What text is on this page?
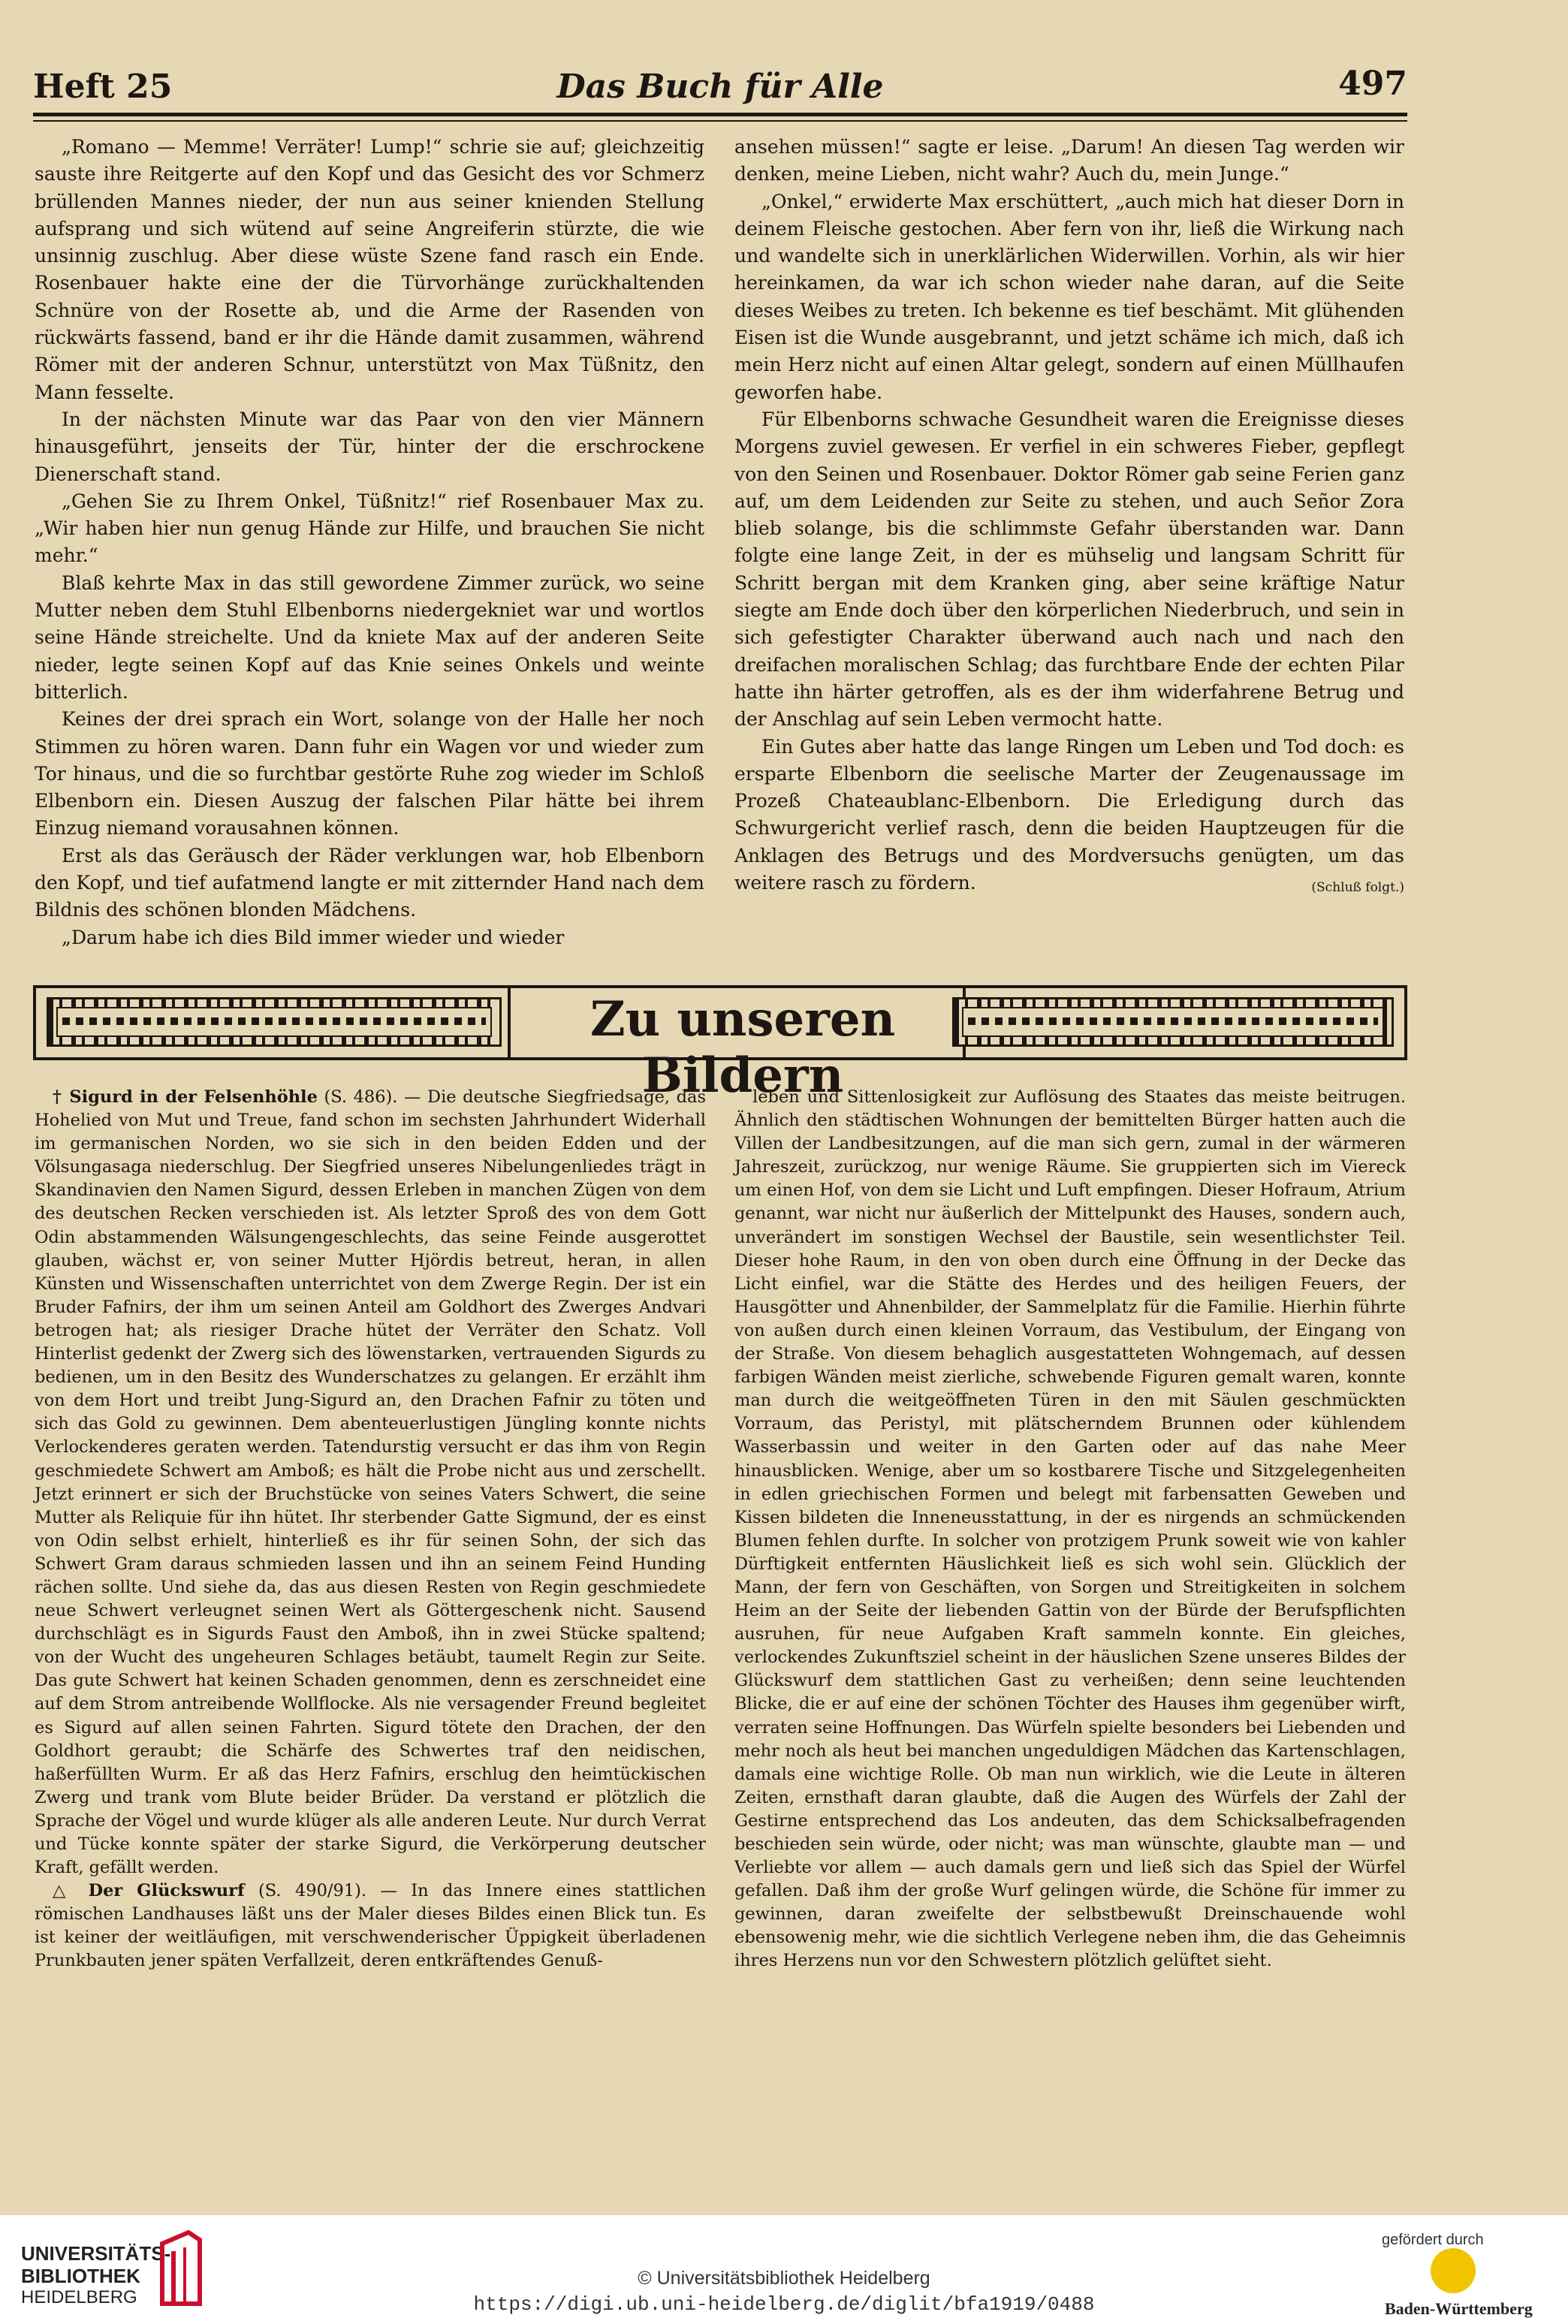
Heft 25	Das Buch für Alle	497

„Romano — Memme! Verräter! Lump!“ schrie sie auf; gleichzeitig sauste ihre Reitgerte auf den Kopf und das Gesicht des vor Schmerz brüllenden Mannes nieder, der nun aus seiner knienden Stellung aufsprang und sich wütend auf seine Angreiferin stürzte, die wie unsinnig zuschlug. Aber diese wüste Szene fand rasch ein Ende. Rosenbauer hakte eine der die Türvorhänge zurückhaltenden Schnüre von der Rosette ab, und die Arme der Rasenden von rückwärts fassend, band er ihr die Hände damit zusammen, während Römer mit der anderen Schnur, unterstützt von Max Tüßnitz, den Mann fesselte.

In der nächsten Minute war das Paar von den vier Männern hinausgeführt, jenseits der Tür, hinter der die erschrockene Dienerschaft stand.

„Gehen Sie zu Ihrem Onkel, Tüßnitz!“ rief Rosenbauer Max zu. „Wir haben hier nun genug Hände zur Hilfe, und brauchen Sie nicht mehr.“

Blaß kehrte Max in das still gewordene Zimmer zurück, wo seine Mutter neben dem Stuhl Elbenborns niedergekniet war und wortlos seine Hände streichelte. Und da kniete Max auf der anderen Seite nieder, legte seinen Kopf auf das Knie seines Onkels und weinte bitterlich.

Keines der drei sprach ein Wort, solange von der Halle her noch Stimmen zu hören waren. Dann fuhr ein Wagen vor und wieder zum Tor hinaus, und die so furchtbar gestörte Ruhe zog wieder im Schloß Elbenborn ein. Diesen Auszug der falschen Pilar hätte bei ihrem Einzug niemand vorausahnen können.

Erst als das Geräusch der Räder verklungen war, hob Elbenborn den Kopf, und tief aufatmend langte er mit zitternder Hand nach dem Bildnis des schönen blonden Mädchens.

„Darum habe ich dies Bild immer wieder und wieder

ansehen müssen!“ sagte er leise. „Darum! An diesen Tag werden wir denken, meine Lieben, nicht wahr? Auch du, mein Junge.“

„Onkel,“ erwiderte Max erschüttert, „auch mich hat dieser Dorn in deinem Fleische gestochen. Aber fern von ihr, ließ die Wirkung nach und wandelte sich in unerklärlichen Widerwillen. Vorhin, als wir hier hereinkamen, da war ich schon wieder nahe daran, auf die Seite dieses Weibes zu treten. Ich bekenne es tief beschämt. Mit glühenden Eisen ist die Wunde ausgebrannt, und jetzt schäme ich mich, daß ich mein Herz nicht auf einen Altar gelegt, sondern auf einen Müllhaufen geworfen habe.

Für Elbenborns schwache Gesundheit waren die Ereignisse dieses Morgens zuviel gewesen. Er verfiel in ein schweres Fieber, gepflegt von den Seinen und Rosenbauer. Doktor Römer gab seine Ferien ganz auf, um dem Leidenden zur Seite zu stehen, und auch Señor Zora blieb solange, bis die schlimmste Gefahr überstanden war. Dann folgte eine lange Zeit, in der es mühselig und langsam Schritt für Schritt bergan mit dem Kranken ging, aber seine kräftige Natur siegte am Ende doch über den körperlichen Niederbruch, und sein in sich gefestigter Charakter überwand auch nach und nach den dreifachen moralischen Schlag; das furchtbare Ende der echten Pilar hatte ihn härter getroffen, als es der ihm widerfahrene Betrug und der Anschlag auf sein Leben vermocht hatte.

Ein Gutes aber hatte das lange Ringen um Leben und Tod doch: es ersparte Elbenborn die seelische Marter der Zeugenaussage im Prozeß Chateaublanc-Elbenborn. Die Erledigung durch das Schwurgericht verlief rasch, denn die beiden Hauptzeugen für die Anklagen des Betrugs und des Mordversuchs genügten, um das weitere rasch zu fördern.	(Schluß folgt.)

Zu unseren Bildern

† Sigurd in der Felsenhöhle (S. 486). — Die deutsche Siegfriedsage, das Hohelied von Mut und Treue, fand schon im sechsten Jahrhundert Widerhall im germanischen Norden, wo sie sich in den beiden Edden und der Völsungasaga niederschlug. Der Siegfried unseres Nibelungenliedes trägt in Skandinavien den Namen Sigurd, dessen Erleben in manchen Zügen von dem des deutschen Recken verschieden ist. Als letzter Sproß des von dem Gott Odin abstammenden Wälsungengeschlechts, das seine Feinde ausgerottet glauben, wächst er, von seiner Mutter Hjördis betreut, heran, in allen Künsten und Wissenschaften unterrichtet von dem Zwerge Regin. Der ist ein Bruder Fafnirs, der ihm um seinen Anteil am Goldhort des Zwerges Andvari betrogen hat; als riesiger Drache hütet der Verräter den Schatz. Voll Hinterlist gedenkt der Zwerg sich des löwenstarken, vertrauenden Sigurds zu bedienen, um in den Besitz des Wunderschatzes zu gelangen. Er erzählt ihm von dem Hort und treibt Jung-Sigurd an, den Drachen Fafnir zu töten und sich das Gold zu gewinnen. Dem abenteuerlustigen Jüngling konnte nichts Verlockenderes geraten werden. Tatendurstig versucht er das ihm von Regin geschmiedete Schwert am Amboß; es hält die Probe nicht aus und zerschellt. Jetzt erinnert er sich der Bruchstücke von seines Vaters Schwert, die seine Mutter als Reliquie für ihn hütet. Ihr sterbender Gatte Sigmund, der es einst von Odin selbst erhielt, hinterließ es ihr für seinen Sohn, der sich das Schwert Gram daraus schmieden lassen und ihn an seinem Feind Hunding rächen sollte. Und siehe da, das aus diesen Resten von Regin geschmiedete neue Schwert verleugnet seinen Wert als Göttergeschenk nicht. Sausend durchschlägt es in Sigurds Faust den Amboß, ihn in zwei Stücke spaltend; von der Wucht des ungeheuren Schlages betäubt, taumelt Regin zur Seite. Das gute Schwert hat keinen Schaden genommen, denn es zerschneidet eine auf dem Strom antreibende Wollflocke. Als nie versagender Freund begleitet es Sigurd auf allen seinen Fahrten. Sigurd tötete den Drachen, der den Goldhort geraubt; die Schärfe des Schwertes traf den neidischen, haßerfüllten Wurm. Er aß das Herz Fafnirs, erschlug den heimtückischen Zwerg und trank vom Blute beider Brüder. Da verstand er plötzlich die Sprache der Vögel und wurde klüger als alle anderen Leute. Nur durch Verrat und Tücke konnte später der starke Sigurd, die Verkörperung deutscher Kraft, gefällt werden.

△ Der Glückswurf (S. 490/91). — In das Innere eines stattlichen römischen Landhauses läßt uns der Maler dieses Bildes einen Blick tun. Es ist keiner der weitläufigen, mit verschwenderischer Üppigkeit überladenen Prunkbauten jener späten Verfallzeit, deren entkräftendes Genuß-

leben und Sittenlosigkeit zur Auflösung des Staates das meiste beitrugen. Ähnlich den städtischen Wohnungen der bemittelten Bürger hatten auch die Villen der Landbesitzungen, auf die man sich gern, zumal in der wärmeren Jahreszeit, zurückzog, nur wenige Räume. Sie gruppierten sich im Viereck um einen Hof, von dem sie Licht und Luft empfingen. Dieser Hofraum, Atrium genannt, war nicht nur äußerlich der Mittelpunkt des Hauses, sondern auch, unverändert im sonstigen Wechsel der Baustile, sein wesentlichster Teil. Dieser hohe Raum, in den von oben durch eine Öffnung in der Decke das Licht einfiel, war die Stätte des Herdes und des heiligen Feuers, der Hausgötter und Ahnenbilder, der Sammelplatz für die Familie. Hierhin führte von außen durch einen kleinen Vorraum, das Vestibulum, der Eingang von der Straße. Von diesem behaglich ausgestatteten Wohngemach, auf dessen farbigen Wänden meist zierliche, schwebende Figuren gemalt waren, konnte man durch die weitgeöffneten Türen in den mit Säulen geschmückten Vorraum, das Peristyl, mit plätscherndem Brunnen oder kühlendem Wasserbassin und weiter in den Garten oder auf das nahe Meer hinausblicken. Wenige, aber um so kostbarere Tische und Sitzgelegenheiten in edlen griechischen Formen und belegt mit farbensatten Geweben und Kissen bildeten die Inneneusstattung, in der es nirgends an schmückenden Blumen fehlen durfte. In solcher von protzigem Prunk soweit wie von kahler Dürftigkeit entfernten Häuslichkeit ließ es sich wohl sein. Glücklich der Mann, der fern von Geschäften, von Sorgen und Streitigkeiten in solchem Heim an der Seite der liebenden Gattin von der Bürde der Berufspflichten ausruhen, für neue Aufgaben Kraft sammeln konnte. Ein gleiches, verlockendes Zukunftsziel scheint in der häuslichen Szene unseres Bildes der Glückswurf dem stattlichen Gast zu verheißen; denn seine leuchtenden Blicke, die er auf eine der schönen Töchter des Hauses ihm gegenüber wirft, verraten seine Hoffnungen. Das Würfeln spielte besonders bei Liebenden und mehr noch als heut bei manchen ungeduldigen Mädchen das Kartenschlagen, damals eine wichtige Rolle. Ob man nun wirklich, wie die Leute in älteren Zeiten, ernsthaft daran glaubte, daß die Augen des Würfels der Zahl der Gestirne entsprechend das Los andeuten, das dem Schicksalbefragenden beschieden sein würde, oder nicht; was man wünschte, glaubte man — und Verliebte vor allem — auch damals gern und ließ sich das Spiel der Würfel gefallen. Daß ihm der große Wurf gelingen würde, die Schöne für immer zu gewinnen, daran zweifelte der selbstbewußt Dreinschauende wohl ebensowenig mehr, wie die sichtlich Verlegene neben ihm, die das Geheimnis ihres Herzens nun vor den Schwestern plötzlich gelüftet sieht.

UNIVERSITÄTS-
BIBLIOTHEK
HEIDELBERG
© Universitätsbibliothek Heidelberg
https://digi.ub.uni-heidelberg.de/diglit/bfa1919/0488
gefördert durch
Baden-Württemberg
